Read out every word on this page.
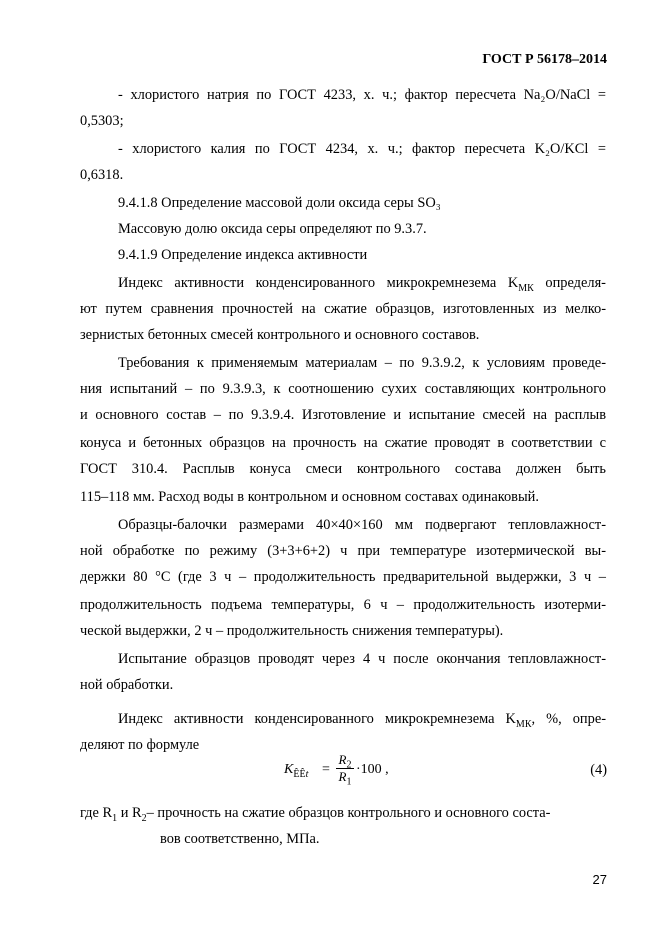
ГОСТ Р 56178–2014
- хлористого натрия по ГОСТ 4233, х. ч.; фактор пересчета Na₂O/NaCl =
0,5303;
- хлористого калия по ГОСТ 4234, х. ч.; фактор пересчета K₂O/KCl =
0,6318.
9.4.1.8 Определение массовой доли оксида серы SO₃
Массовую долю оксида серы определяют по 9.3.7.
9.4.1.9 Определение индекса активности
Индекс активности конденсированного микрокремнезема $K_{МК}$ определя-
ют путем сравнения прочностей на сжатие образцов, изготовленных из мелко-
зернистых бетонных смесей контрольного и основного составов.
Требования к применяемым материалам – по 9.3.9.2, к условиям проведе-
ния испытаний – по 9.3.9.3, к соотношению сухих составляющих контрольного
и основного состав – по 9.3.9.4. Изготовление и испытание смесей на расплыв
конуса и бетонных образцов на прочность на сжатие проводят в соответствии с
ГОСТ 310.4. Расплыв конуса смеси контрольного состава должен быть
115–118 мм. Расход воды в контрольном и основном составах одинаковый.
Образцы-балочки размерами 40×40×160 мм подвергают тепловлажност-
ной обработке по режиму (3+3+6+2) ч при температуре изотермической вы-
держки 80 °С (где 3 ч – продолжительность предварительной выдержки, 3 ч –
продолжительность подъема температуры, 6 ч – продолжительность изотерми-
ческой выдержки, 2 ч – продолжительность снижения температуры).
Испытание образцов проводят через 4 ч после окончания тепловлажност-
ной обработки.
Индекс активности конденсированного микрокремнезема $K_{МК}$, %, опре-
деляют по формуле
$K_{ÊÊt}$ =
$R_2$
$R_1$
·100 ,	(4)
где $R_1$ и $R_2-$ прочность на сжатие образцов контрольного и основного соста-
вов соответственно, МПа.
27
